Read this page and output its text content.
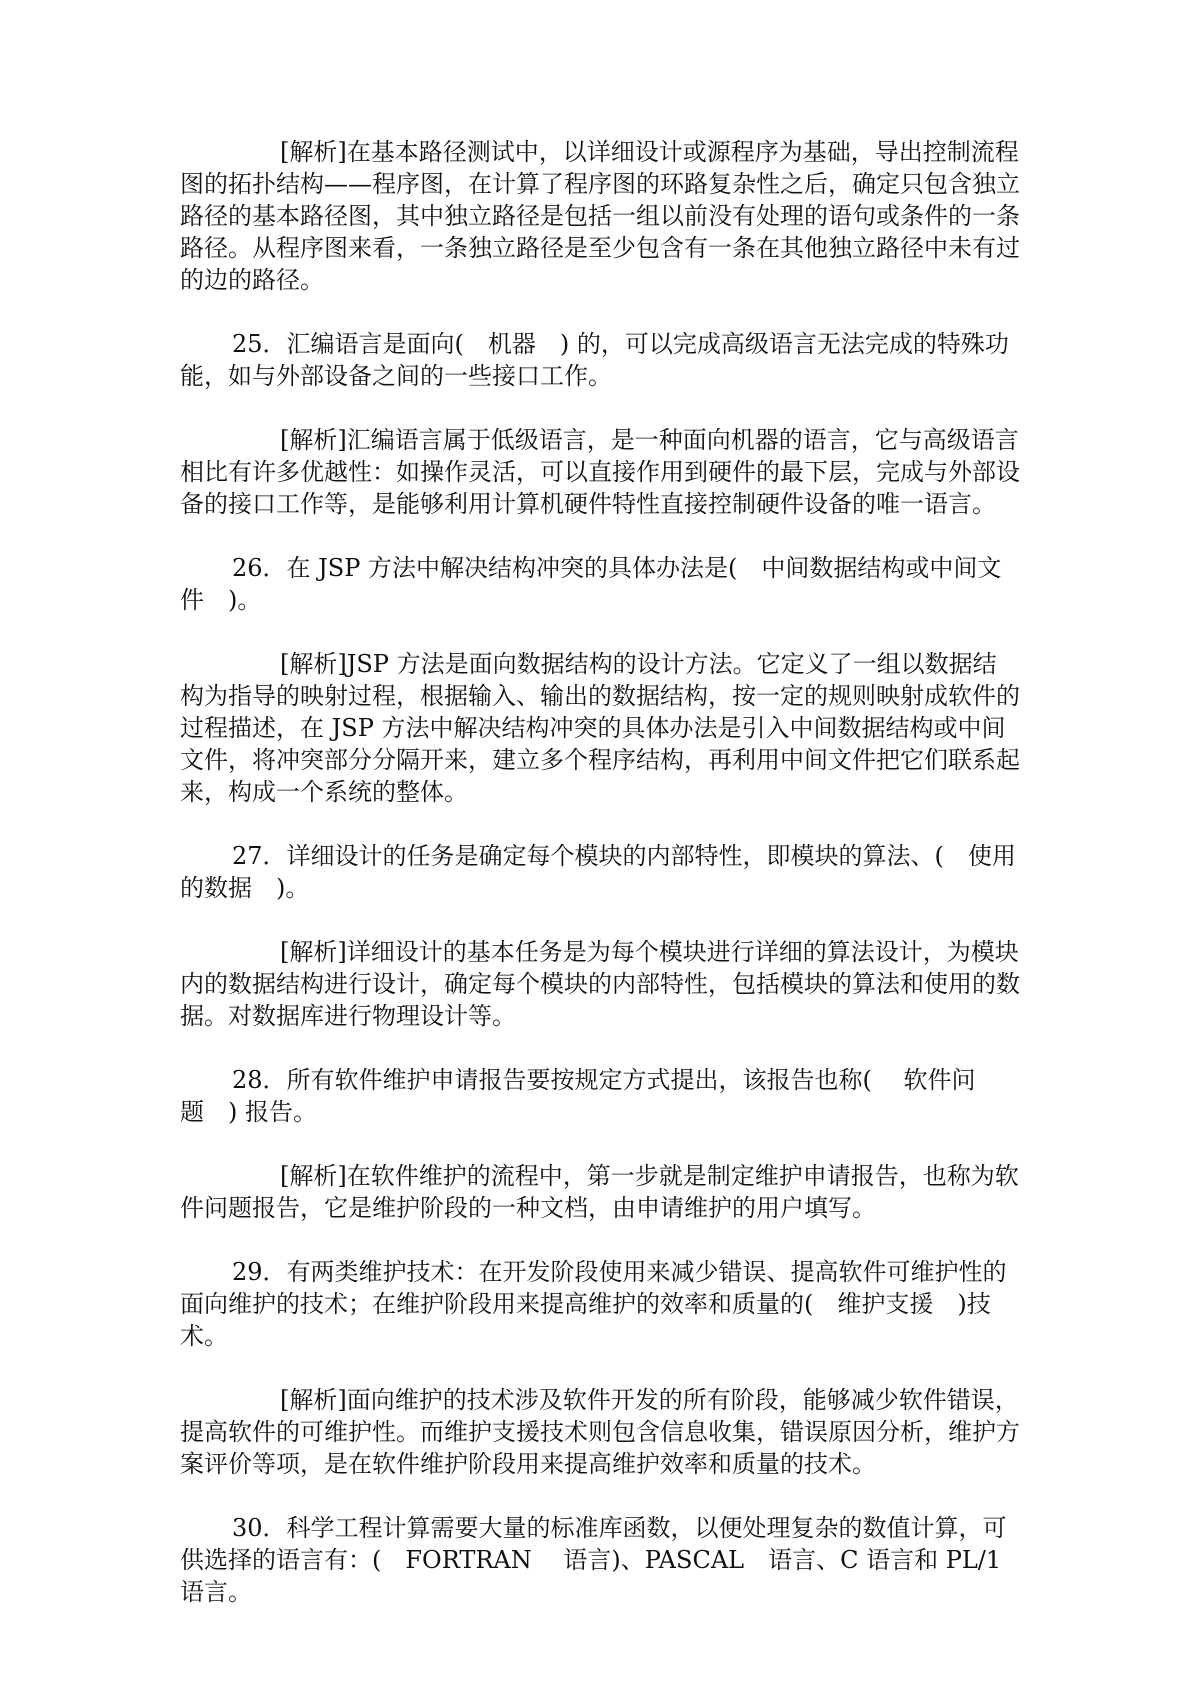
[解析]在基本路径测试中，以详细设计或源程序为基础，导出控制流程图的拓扑结构——程序图，在计算了程序图的环路复杂性之后，确定只包含独立路径的基本路径图，其中独立路径是包括一组以前没有处理的语句或条件的一条路径。从程序图来看，一条独立路径是至少包含有一条在其他独立路径中未有过的边的路径。

25．汇编语言是面向(　机器　) 的，可以完成高级语言无法完成的特殊功能，如与外部设备之间的一些接口工作。

[解析]汇编语言属于低级语言，是一种面向机器的语言，它与高级语言相比有许多优越性：如操作灵活，可以直接作用到硬件的最下层，完成与外部设备的接口工作等，是能够利用计算机硬件特性直接控制硬件设备的唯一语言。

26．在 JSP 方法中解决结构冲突的具体办法是(　中间数据结构或中间文件　)。

[解析]JSP 方法是面向数据结构的设计方法。它定义了一组以数据结构为指导的映射过程，根据输入、输出的数据结构，按一定的规则映射成软件的过程描述，在 JSP 方法中解决结构冲突的具体办法是引入中间数据结构或中间文件，将冲突部分分隔开来，建立多个程序结构，再利用中间文件把它们联系起来，构成一个系统的整体。

27．详细设计的任务是确定每个模块的内部特性，即模块的算法、(　使用的数据　)。

[解析]详细设计的基本任务是为每个模块进行详细的算法设计，为模块内的数据结构进行设计，确定每个模块的内部特性，包括模块的算法和使用的数据。对数据库进行物理设计等。

28．所有软件维护申请报告要按规定方式提出，该报告也称(　 软件问题　) 报告。

[解析]在软件维护的流程中，第一步就是制定维护申请报告，也称为软件问题报告，它是维护阶段的一种文档，由申请维护的用户填写。

29．有两类维护技术：在开发阶段使用来减少错误、提高软件可维护性的面向维护的技术；在维护阶段用来提高维护的效率和质量的(　维护支援　)技术。

[解析]面向维护的技术涉及软件开发的所有阶段，能够减少软件错误，提高软件的可维护性。而维护支援技术则包含信息收集，错误原因分析，维护方案评价等项，是在软件维护阶段用来提高维护效率和质量的技术。

30．科学工程计算需要大量的标准库函数，以便处理复杂的数值计算，可供选择的语言有：(　FORTRAN　 语言)、PASCAL　语言、C 语言和 PL/1 语言。
